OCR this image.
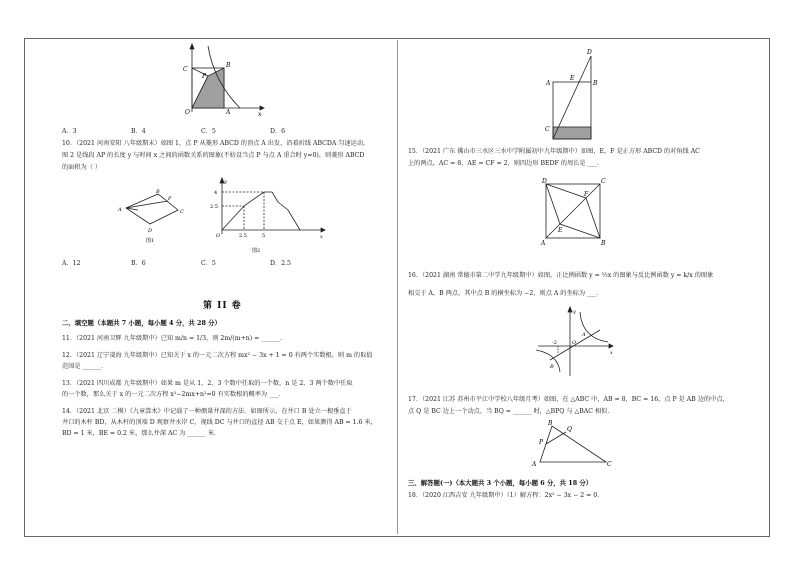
C
B
P
A
O	x
A．3	B．4	C．5	D．6
10．（2021 河南安阳 八年级期末）如图 1，点 P 从菱形 ABCD 的顶点 A 出发，沿着折线 ABCDA 匀速运动，
图 2 是线段 AP 的长度 y 与时间 x 之间的函数关系的图象(不妨设当点 P 与点 A 重合时 y=0)，则菱形 ABCD
的面积为（ ）
A
B
C
D
P
图1
4
2.5
2.5	5
O	x
y
图2
A．12	B．6	C．5	D．2.5
第 II 卷
二、填空题（本题共 7 小题，每小题 4 分，共 28 分）
11．（2021 河南卫辉 九年级期中）已知 m/n = 1/3，则 2m/(m+n) = ______．
12．（2021 辽宁凌海 九年级期中）已知关于 x 的一元二次方程 mx² − 3x + 1 = 0 有两个实数根，则 m 的取值
范围是 ______．
13．（2021 四川成都 九年级期中）如果 m 是从 1、2、3 个数中任取的一个数，n 是 2、3 两个数中任取
的一个数，那么关于 x 的一元二次方程 x²−2mx+n²=0 有实数根的概率为 ___．
14．（2021 北京 二模）《九章算术》中记载了一种测量井深的方法．如图所示，在井口 B 处立一根垂直于
井口的木杆 BD，从木杆的顶端 D 观察井水岸 C，视线 DC 与井口的直径 AB 交于点 E，如果测得 AB = 1.6 米，
BD = 1 米，BE = 0.2 米，那么井深 AC 为 ______ 米．
D
E
A	B
C
15．（2021 广东 佛山市三水区三水中学附属初中九年级期中）如图，E，F 是正方形 ABCD 的对角线 AC
上的两点，AC = 8，AE = CF = 2，则四边形 BEDF 的周长是 ___．
D	C
A	B
E
F
16．（2021 湖南 常德市第二中学九年级期中）如图，正比例函数 y = ½x 的图象与反比例函数 y = k/x 的图象
相交于 A，B 两点，其中点 B 的横坐标为 −2，则点 A 的坐标为 ___．
-2	O
A
B
x
y
17．（2021 江苏 苏州市平江中学校八年级月考）如图，在 △ABC 中，AB = 8，BC = 16，点 P 是 AB 边的中点，
点 Q 是 BC 边上一个动点，当 BQ = ______ 时，△BPQ 与 △BAC 相似．
A
B
C
P
Q
三、解答题(一)（本大题共 3 个小题，每小题 6 分，共 18 分）
18．（2020 江西吉安 九年级期中）（1）解方程：2x² − 3x − 2 = 0．
